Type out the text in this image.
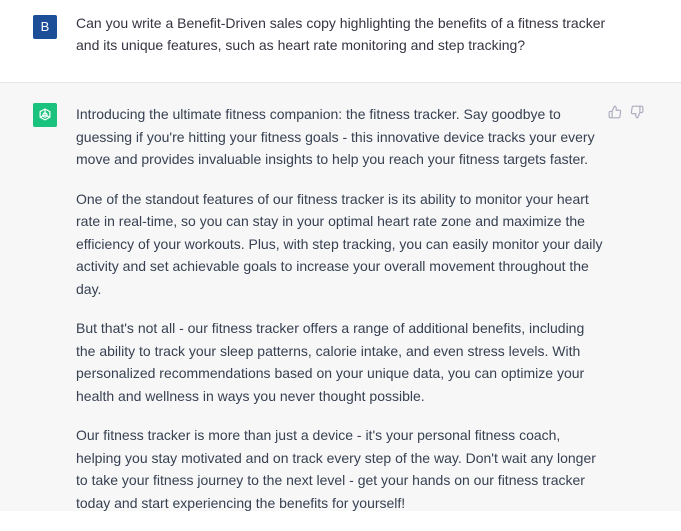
B	Can you write a Benefit-Driven sales copy highlighting the benefits of a fitness tracker and its unique features, such as heart rate monitoring and step tracking?

Introducing the ultimate fitness companion: the fitness tracker. Say goodbye to guessing if you're hitting your fitness goals - this innovative device tracks your every move and provides invaluable insights to help you reach your fitness targets faster.

One of the standout features of our fitness tracker is its ability to monitor your heart rate in real-time, so you can stay in your optimal heart rate zone and maximize the efficiency of your workouts. Plus, with step tracking, you can easily monitor your daily activity and set achievable goals to increase your overall movement throughout the day.

But that's not all - our fitness tracker offers a range of additional benefits, including the ability to track your sleep patterns, calorie intake, and even stress levels. With personalized recommendations based on your unique data, you can optimize your health and wellness in ways you never thought possible.

Our fitness tracker is more than just a device - it's your personal fitness coach, helping you stay motivated and on track every step of the way. Don't wait any longer to take your fitness journey to the next level - get your hands on our fitness tracker today and start experiencing the benefits for yourself!
